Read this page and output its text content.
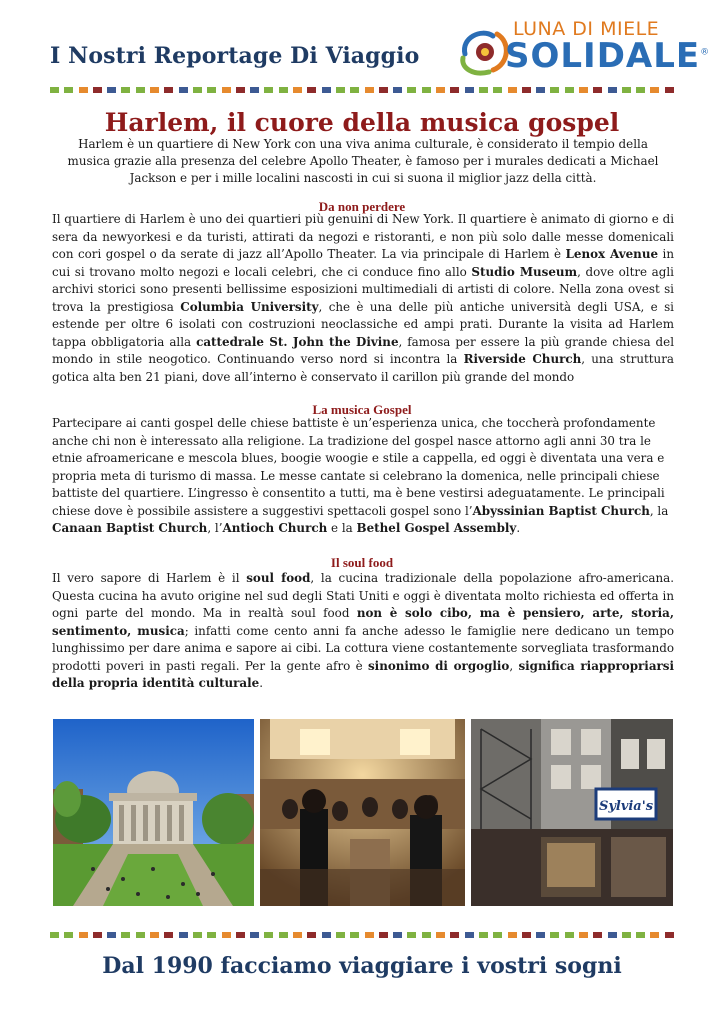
I Nostri Reportage Di Viaggio
LUNA DI MIELE
SOLIDALE®
Harlem, il cuore della musica gospel
Harlem è un quartiere di New York con una viva anima culturale, è considerato il tempio della musica grazie alla presenza del celebre Apollo Theater, è famoso per i murales dedicati a Michael Jackson e per i mille localini nascosti in cui si suona il miglior jazz della città.
Da non perdere
Il quartiere di Harlem è uno dei quartieri più genuini di New York. Il quartiere è animato di giorno e di sera da newyorkesi e da turisti, attirati da negozi e ristoranti, e non più solo dalle messe domenicali con cori gospel o da serate di jazz all’Apollo Theater. La via principale di Harlem è Lenox Avenue in cui si trovano molto negozi e locali celebri, che ci conduce fino allo Studio Museum, dove oltre agli archivi storici sono presenti bellissime esposizioni multimediali di artisti di colore. Nella zona ovest si trova la prestigiosa Columbia University, che è una delle più antiche università degli USA, e si estende per oltre 6 isolati con costruzioni neoclassiche ed ampi prati. Durante la visita ad Harlem tappa obbligatoria alla cattedrale St. John the Divine, famosa per essere la più grande chiesa del mondo in stile neogotico. Continuando verso nord si incontra la Riverside Church, una struttura gotica alta ben 21 piani, dove all’interno è conservato il carillon più grande del mondo
La musica Gospel
Partecipare ai canti gospel delle chiese battiste è un’esperienza unica, che toccherà profondamente anche chi non è interessato alla religione. La tradizione del gospel nasce attorno agli anni 30 tra le etnie afroamericane e mescola blues, boogie woogie e stile a cappella, ed oggi è diventata una vera e propria meta di turismo di massa. Le messe cantate si celebrano la domenica, nelle principali chiese battiste del quartiere. L’ingresso è consentito a tutti, ma è bene vestirsi adeguatamente. Le principali chiese dove è possibile assistere a suggestivi spettacoli gospel sono l’Abyssinian Baptist Church, la Canaan Baptist Church, l’Antioch Church e la Bethel Gospel Assembly.
Il soul food
Il vero sapore di Harlem è il soul food, la cucina tradizionale della popolazione afro-americana. Questa cucina ha avuto origine nel sud degli Stati Uniti e oggi è diventata molto richiesta ed offerta in ogni parte del mondo. Ma in realtà soul food non è solo cibo, ma è pensiero, arte, storia, sentimento, musica; infatti come cento anni fa anche adesso le famiglie nere dedicano un tempo lunghissimo per dare anima e sapore ai cibi. La cottura viene costantemente sorvegliata trasformando prodotti poveri in pasti regali. Per la gente afro è sinonimo di orgoglio, significa riappropriarsi della propria identità culturale.
Sylvia's
Dal 1990 facciamo viaggiare i vostri sogni
